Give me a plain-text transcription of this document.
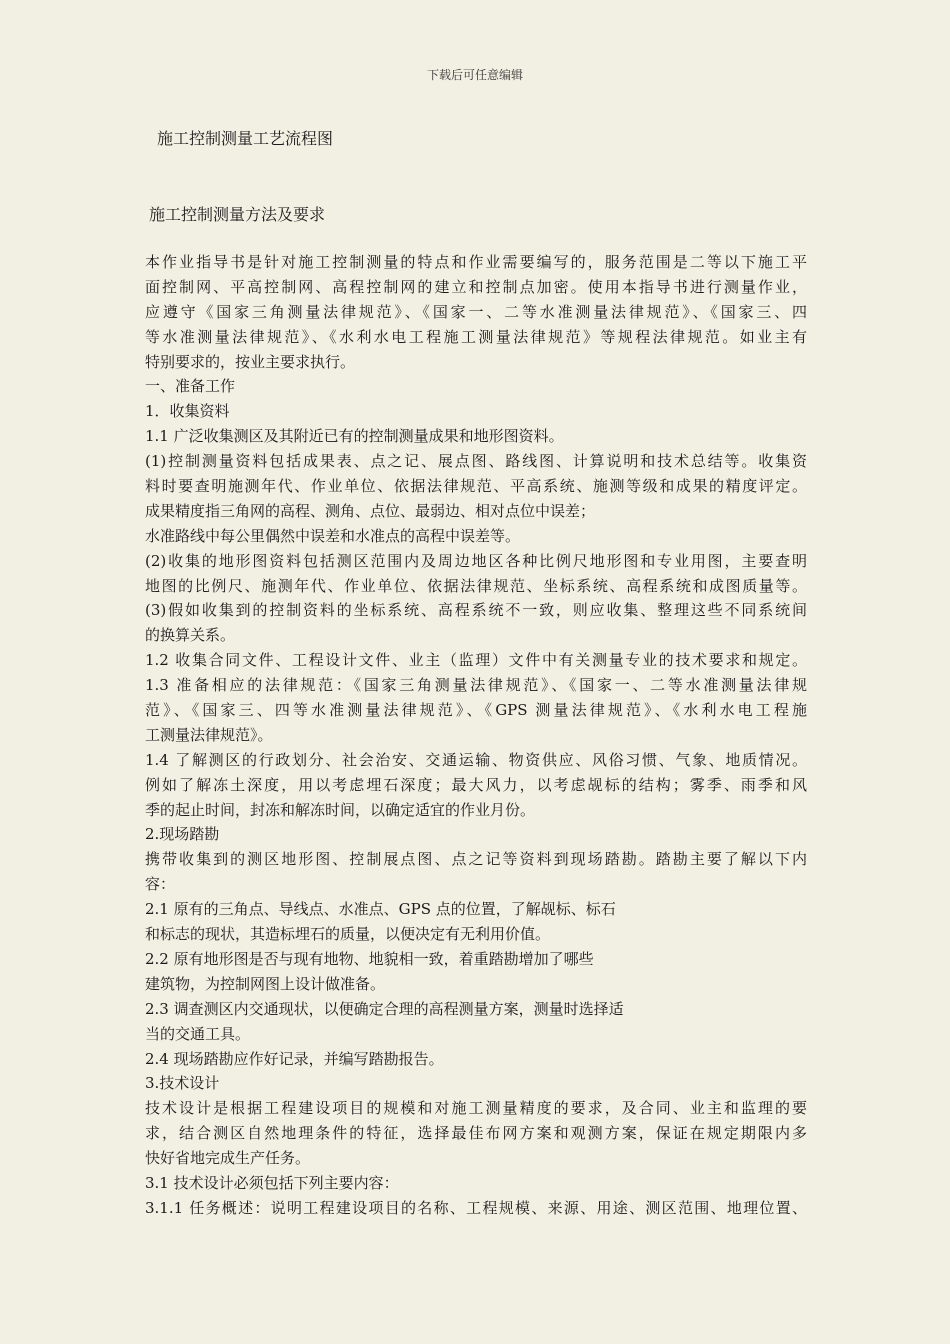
下载后可任意编辑
施工控制测量工艺流程图
施工控制测量方法及要求
本作业指导书是针对施工控制测量的特点和作业需要编写的，服务范围是二等以下施工平
面控制网、平高控制网、高程控制网的建立和控制点加密。使用本指导书进行测量作业，
应遵守《国家三角测量法律规范》、《国家一、二等水准测量法律规范》、《国家三、四
等水准测量法律规范》、《水利水电工程施工测量法律规范》等规程法律规范。如业主有
特别要求的，按业主要求执行。
一、准备工作
1．收集资料
1.1 广泛收集测区及其附近已有的控制测量成果和地形图资料。
(1)控制测量资料包括成果表、点之记、展点图、路线图、计算说明和技术总结等。收集资
料时要查明施测年代、作业单位、依据法律规范、平高系统、施测等级和成果的精度评定。
成果精度指三角网的高程、测角、点位、最弱边、相对点位中误差；
水准路线中每公里偶然中误差和水准点的高程中误差等。
(2)收集的地形图资料包括测区范围内及周边地区各种比例尺地形图和专业用图，主要查明
地图的比例尺、施测年代、作业单位、依据法律规范、坐标系统、高程系统和成图质量等。
(3)假如收集到的控制资料的坐标系统、高程系统不一致，则应收集、整理这些不同系统间
的换算关系。
1.2 收集合同文件、工程设计文件、业主（监理）文件中有关测量专业的技术要求和规定。
1.3 准备相应的法律规范：《国家三角测量法律规范》、《国家一、二等水准测量法律规
范》、《国家三、四等水准测量法律规范》、《GPS 测量法律规范》、《水利水电工程施
工测量法律规范》。
1.4 了解测区的行政划分、社会治安、交通运输、物资供应、风俗习惯、气象、地质情况。
例如了解冻土深度，用以考虑埋石深度；最大风力，以考虑觇标的结构；雾季、雨季和风
季的起止时间，封冻和解冻时间，以确定适宜的作业月份。
2.现场踏勘
携带收集到的测区地形图、控制展点图、点之记等资料到现场踏勘。踏勘主要了解以下内
容：
2.1 原有的三角点、导线点、水准点、GPS 点的位置，了解觇标、标石
和标志的现状，其造标埋石的质量，以便决定有无利用价值。
2.2 原有地形图是否与现有地物、地貌相一致，着重踏勘增加了哪些
建筑物，为控制网图上设计做准备。
2.3 调查测区内交通现状，以便确定合理的高程测量方案，测量时选择适
当的交通工具。
2.4 现场踏勘应作好记录，并编写踏勘报告。
3.技术设计
技术设计是根据工程建设项目的规模和对施工测量精度的要求，及合同、业主和监理的要
求，结合测区自然地理条件的特征，选择最佳布网方案和观测方案，保证在规定期限内多
快好省地完成生产任务。
3.1 技术设计必须包括下列主要内容：
3.1.1 任务概述：说明工程建设项目的名称、工程规模、来源、用途、测区范围、地理位置、
